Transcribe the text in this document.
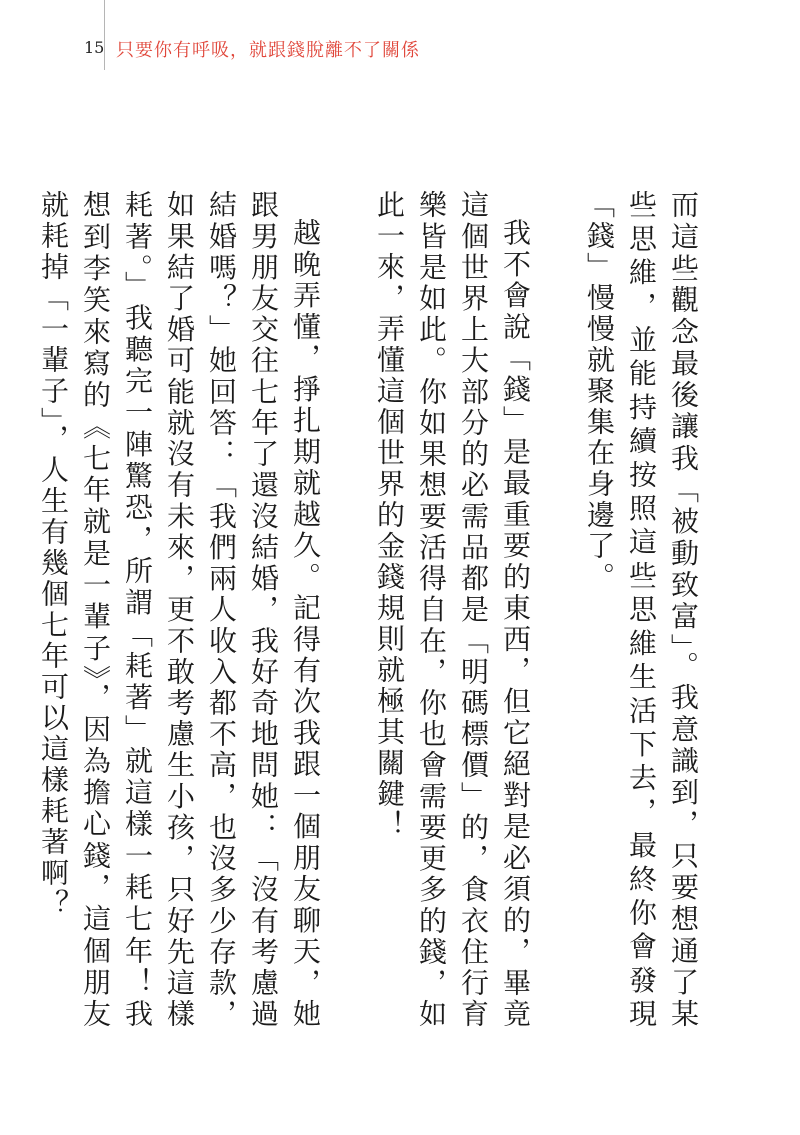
15 只要你有呼吸，就跟錢脫離不了關係

而這些觀念最後讓我「被動致富」。我意識到，只要想通了某些思維，並能持續按照這些思維生活下去，最終你會發現「錢」慢慢就聚集在身邊了。

我不會說「錢」是最重要的東西，但它絕對是必須的，畢竟這個世界上大部分的必需品都是「明碼標價」的，食衣住行育樂皆是如此。你如果想要活得自在，你也會需要更多的錢，如此一來，弄懂這個世界的金錢規則就極其關鍵！

越晚弄懂，掙扎期就越久。記得有次我跟一個朋友聊天，她跟男朋友交往七年了還沒結婚，我好奇地問她：「沒有考慮過結婚嗎？」她回答：「我們兩人收入都不高，也沒多少存款，如果結了婚可能就沒有未來，更不敢考慮生小孩，只好先這樣耗著。」我聽完一陣驚恐，所謂「耗著」就這樣一耗七年！我想到李笑來寫的《七年就是一輩子》，因為擔心錢，這個朋友就耗掉「一輩子」，人生有幾個七年可以這樣耗著啊？
